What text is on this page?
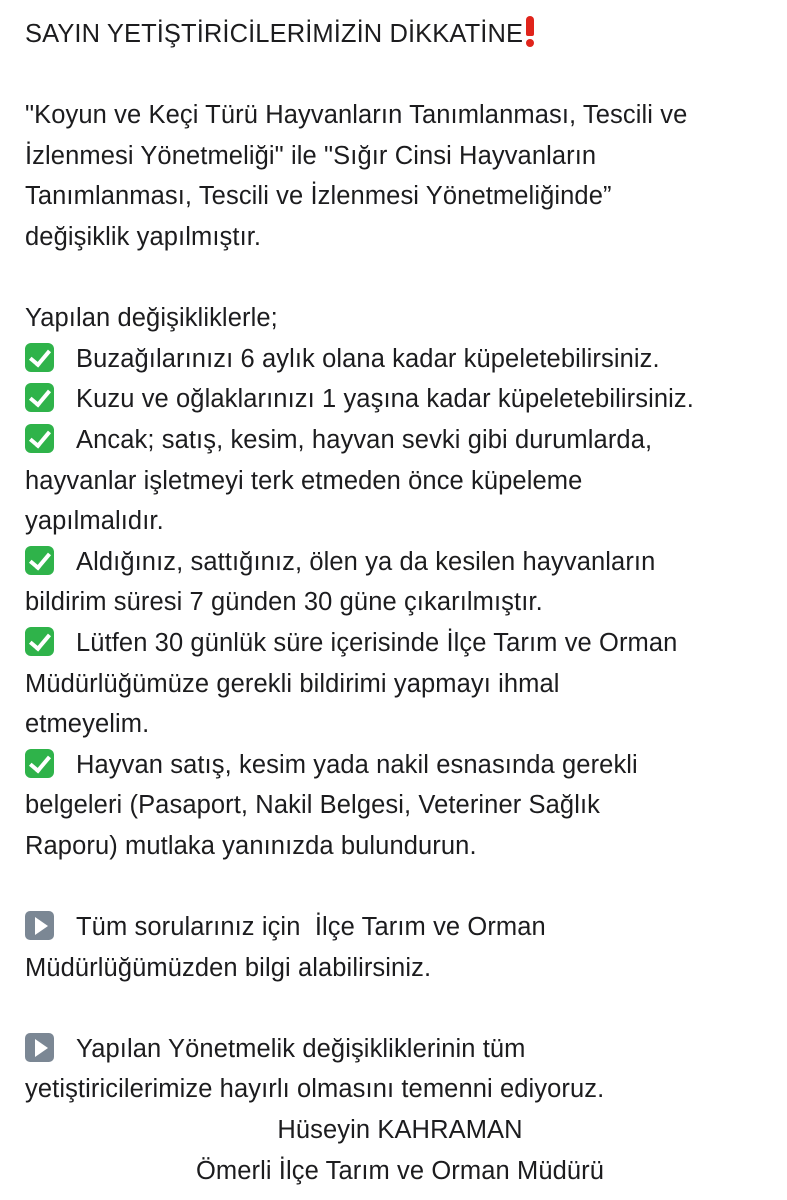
SAYIN YETİŞTİRİCİLERİMİZİN DİKKATİNE
"Koyun ve Keçi Türü Hayvanların Tanımlanması, Tescili ve
İzlenmesi Yönetmeliği" ile "Sığır Cinsi Hayvanların
Tanımlanması, Tescili ve İzlenmesi Yönetmeliğinde”
değişiklik yapılmıştır.
Yapılan değişikliklerle;
Buzağılarınızı 6 aylık olana kadar küpeletebilirsiniz.
Kuzu ve oğlaklarınızı 1 yaşına kadar küpeletebilirsiniz.
Ancak; satış, kesim, hayvan sevki gibi durumlarda,
hayvanlar işletmeyi terk etmeden önce küpeleme
yapılmalıdır.
Aldığınız, sattığınız, ölen ya da kesilen hayvanların
bildirim süresi 7 günden 30 güne çıkarılmıştır.
Lütfen 30 günlük süre içerisinde İlçe Tarım ve Orman
Müdürlüğümüze gerekli bildirimi yapmayı ihmal
etmeyelim.
Hayvan satış, kesim yada nakil esnasında gerekli
belgeleri (Pasaport, Nakil Belgesi, Veteriner Sağlık
Raporu) mutlaka yanınızda bulundurun.
Tüm sorularınız için  İlçe Tarım ve Orman
Müdürlüğümüzden bilgi alabilirsiniz.
Yapılan Yönetmelik değişikliklerinin tüm
yetiştiricilerimize hayırlı olmasını temenni ediyoruz.
Hüseyin KAHRAMAN
Ömerli İlçe Tarım ve Orman Müdürü
